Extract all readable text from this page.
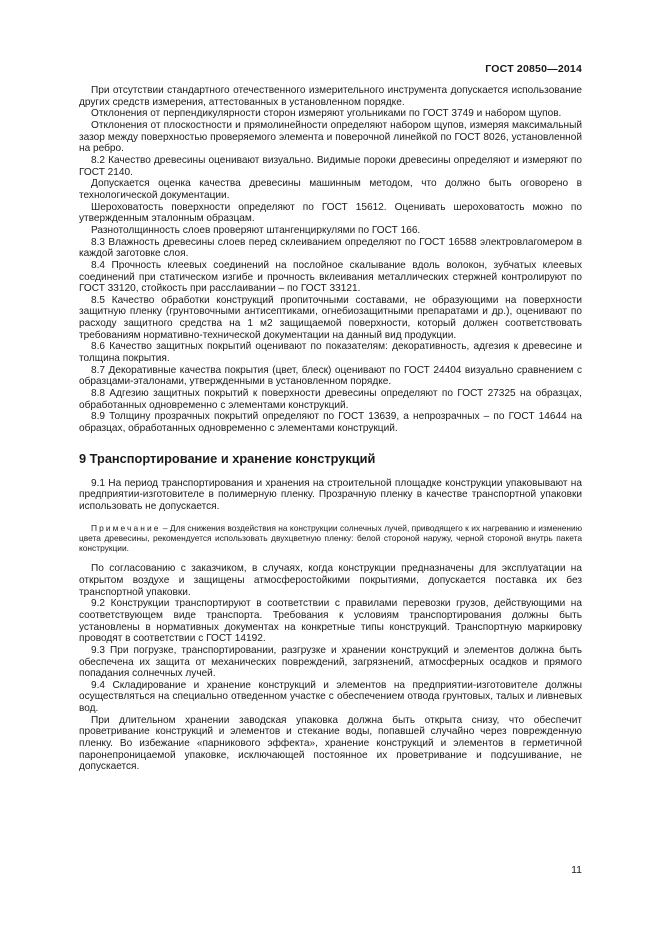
ГОСТ 20850—2014

При отсутствии стандартного отечественного измерительного инструмента допускается использование других средств измерения, аттестованных в установленном порядке.

Отклонения от перпендикулярности сторон измеряют угольниками по ГОСТ 3749 и набором щупов.

Отклонения от плоскостности и прямолинейности определяют набором щупов, измеряя максимальный зазор между поверхностью проверяемого элемента и поверочной линейкой по ГОСТ 8026, установленной на ребро.

8.2 Качество древесины оценивают визуально. Видимые пороки древесины определяют и измеряют по ГОСТ 2140.

Допускается оценка качества древесины машинным методом, что должно быть оговорено в технологической документации.

Шероховатость поверхности определяют по ГОСТ 15612. Оценивать шероховатость можно по утвержденным эталонным образцам.

Разнотолщинность слоев проверяют штангенциркулями по ГОСТ 166.

8.3 Влажность древесины слоев перед склеиванием определяют по ГОСТ 16588 электровлагомером в каждой заготовке слоя.

8.4 Прочность клеевых соединений на послойное скалывание вдоль волокон, зубчатых клеевых соединений при статическом изгибе и прочность вклеивания металлических стержней контролируют по ГОСТ 33120, стойкость при расслаивании – по ГОСТ 33121.

8.5 Качество обработки конструкций пропиточными составами, не образующими на поверхности защитную пленку (грунтовочными антисептиками, огнебиозащитными препаратами и др.), оценивают по расходу защитного средства на 1 м2 защищаемой поверхности, который должен соответствовать требованиям нормативно-технической документации на данный вид продукции.

8.6 Качество защитных покрытий оценивают по показателям: декоративность, адгезия к древесине и толщина покрытия.

8.7 Декоративные качества покрытия (цвет, блеск) оценивают по ГОСТ 24404 визуально сравнением с образцами-эталонами, утвержденными в установленном порядке.

8.8 Адгезию защитных покрытий к поверхности древесины определяют по ГОСТ 27325 на образцах, обработанных одновременно с элементами конструкций.

8.9 Толщину прозрачных покрытий определяют по ГОСТ 13639, а непрозрачных – по ГОСТ 14644 на образцах, обработанных одновременно с элементами конструкций.

9 Транспортирование и хранение конструкций

9.1 На период транспортирования и хранения на строительной площадке конструкции упаковывают на предприятии-изготовителе в полимерную пленку. Прозрачную пленку в качестве транспортной упаковки использовать не допускается.

Примечание – Для снижения воздействия на конструкции солнечных лучей, приводящего к их нагреванию и изменению цвета древесины, рекомендуется использовать двухцветную пленку: белой стороной наружу, черной стороной внутрь пакета конструкции.

По согласованию с заказчиком, в случаях, когда конструкции предназначены для эксплуатации на открытом воздухе и защищены атмосферостойкими покрытиями, допускается поставка их без транспортной упаковки.

9.2 Конструкции транспортируют в соответствии с правилами перевозки грузов, действующими на соответствующем виде транспорта. Требования к условиям транспортирования должны быть установлены в нормативных документах на конкретные типы конструкций. Транспортную маркировку проводят в соответствии с ГОСТ 14192.

9.3 При погрузке, транспортировании, разгрузке и хранении конструкций и элементов должна быть обеспечена их защита от механических повреждений, загрязнений, атмосферных осадков и прямого попадания солнечных лучей.

9.4 Складирование и хранение конструкций и элементов на предприятии-изготовителе должны осуществляться на специально отведенном участке с обеспечением отвода грунтовых, талых и ливневых вод.

При длительном хранении заводская упаковка должна быть открыта снизу, что обеспечит проветривание конструкций и элементов и стекание воды, попавшей случайно через поврежденную пленку. Во избежание «парникового эффекта», хранение конструкций и элементов в герметичной паронепроницаемой упаковке, исключающей постоянное их проветривание и подсушивание, не допускается.

11
